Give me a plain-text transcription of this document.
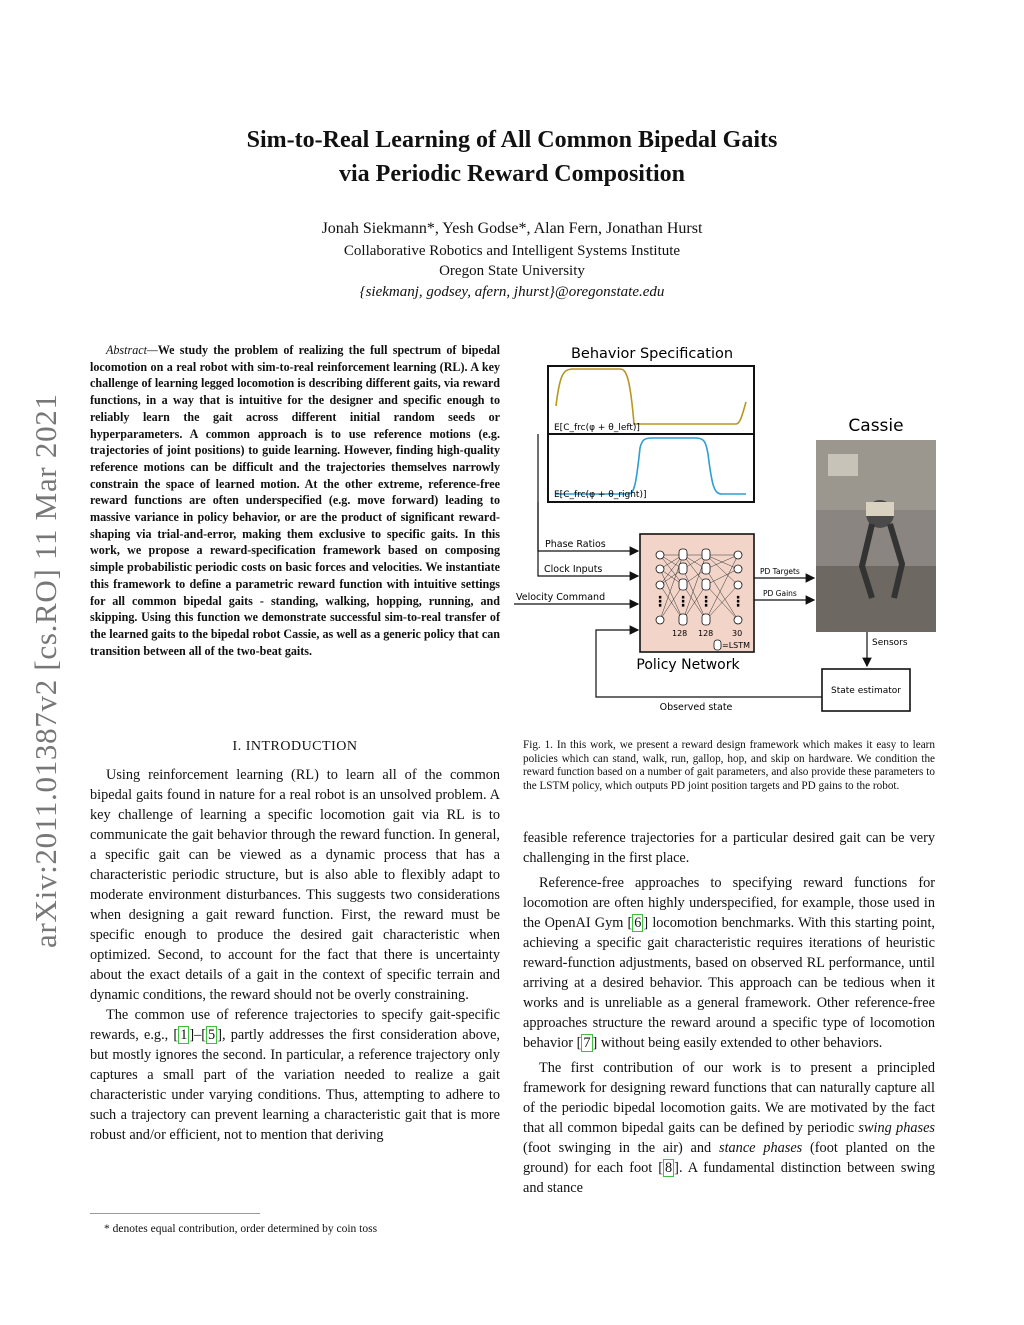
arXiv:2011.01387v2 [cs.RO] 11 Mar 2021
Sim-to-Real Learning of All Common Bipedal Gaits
via Periodic Reward Composition
Jonah Siekmann*, Yesh Godse*, Alan Fern, Jonathan Hurst
Collaborative Robotics and Intelligent Systems Institute
Oregon State University
{siekmanj, godsey, afern, jhurst}@oregonstate.edu
Abstract—We study the problem of realizing the full spectrum of bipedal locomotion on a real robot with sim-to-real reinforcement learning (RL). A key challenge of learning legged locomotion is describing different gaits, via reward functions, in a way that is intuitive for the designer and specific enough to reliably learn the gait across different initial random seeds or hyperparameters. A common approach is to use reference motions (e.g. trajectories of joint positions) to guide learning. However, finding high-quality reference motions can be difficult and the trajectories themselves narrowly constrain the space of learned motion. At the other extreme, reference-free reward functions are often underspecified (e.g. move forward) leading to massive variance in policy behavior, or are the product of significant reward-shaping via trial-and-error, making them exclusive to specific gaits. In this work, we propose a reward-specification framework based on composing simple probabilistic periodic costs on basic forces and velocities. We instantiate this framework to define a parametric reward function with intuitive settings for all common bipedal gaits - standing, walking, hopping, running, and skipping. Using this function we demonstrate successful sim-to-real transfer of the learned gaits to the bipedal robot Cassie, as well as a generic policy that can transition between all of the two-beat gaits.
I. INTRODUCTION

Using reinforcement learning (RL) to learn all of the common bipedal gaits found in nature for a real robot is an unsolved problem. A key challenge of learning a specific locomotion gait via RL is to communicate the gait behavior through the reward function. In general, a specific gait can be viewed as a dynamic process that has a characteristic periodic structure, but is also able to flexibly adapt to moderate environment disturbances. This suggests two considerations when designing a gait reward function. First, the reward must be specific enough to produce the desired gait characteristic when optimized. Second, to account for the fact that there is uncertainty about the exact details of a gait in the context of specific terrain and dynamic conditions, the reward should not be overly constraining.

The common use of reference trajectories to specify gait-specific rewards, e.g., [ 1 ]–[ 5 ], partly addresses the first consideration above, but mostly ignores the second. In particular, a reference trajectory only captures a small part of the variation needed to realize a gait characteristic under varying conditions. Thus, attempting to adhere to such a trajectory can prevent learning a characteristic gait that is more robust and/or efficient, not to mention that deriving

* denotes equal contribution, order determined by coin toss
Behavior Specification
E[C_frc(φ + θ_left)]
E[C_frc(φ + θ_right)]
Cassie
⋮ ⋮ ⋮ ⋮
128 128 30
=LSTM
Policy Network
Phase Ratios
Clock Inputs
Velocity Command
PD Targets
PD Gains
Sensors
State estimator
Observed state
Fig. 1. In this work, we present a reward design framework which makes it easy to learn policies which can stand, walk, run, gallop, hop, and skip on hardware. We condition the reward function based on a number of gait parameters, and also provide these parameters to the LSTM policy, which outputs PD joint position targets and PD gains to the robot.

feasible reference trajectories for a particular desired gait can be very challenging in the first place.

Reference-free approaches to specifying reward functions for locomotion are often highly underspecified, for example, those used in the OpenAI Gym [ 6 ] locomotion benchmarks. With this starting point, achieving a specific gait characteristic requires iterations of heuristic reward-function adjustments, based on observed RL performance, until arriving at a desired behavior. This approach can be tedious when it works and is unreliable as a general framework. Other reference-free approaches structure the reward around a specific type of locomotion behavior [ 7 ] without being easily extended to other behaviors.

The first contribution of our work is to present a principled framework for designing reward functions that can naturally capture all of the periodic bipedal locomotion gaits. We are motivated by the fact that all common bipedal gaits can be defined by periodic swing phases (foot swinging in the air) and stance phases (foot planted on the ground) for each foot [ 8 ]. A fundamental distinction between swing and stance
